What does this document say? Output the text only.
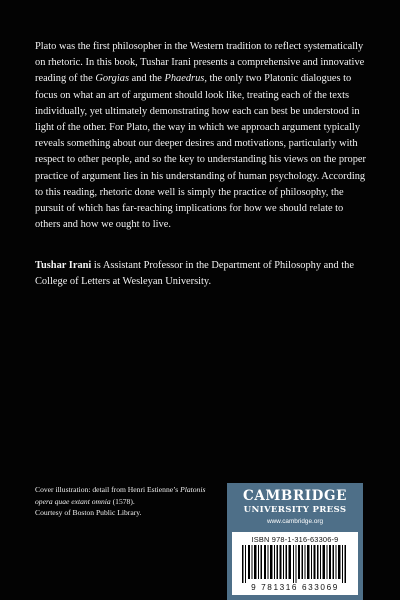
Plato was the first philosopher in the Western tradition to reflect systematically on rhetoric. In this book, Tushar Irani presents a comprehensive and innovative reading of the Gorgias and the Phaedrus, the only two Platonic dialogues to focus on what an art of argument should look like, treating each of the texts individually, yet ultimately demonstrating how each can best be understood in light of the other. For Plato, the way in which we approach argument typically reveals something about our deeper desires and motivations, particularly with respect to other people, and so the key to understanding his views on the proper practice of argument lies in his understanding of human psychology. According to this reading, rhetoric done well is simply the practice of philosophy, the pursuit of which has far-reaching implications for how we should relate to others and how we ought to live.
Tushar Irani is Assistant Professor in the Department of Philosophy and the College of Letters at Wesleyan University.
Cover illustration: detail from Henri Estienne’s Platonis opera quae extant omnia (1578).
Courtesy of Boston Public Library.
CAMBRIDGE
UNIVERSITY PRESS
www.cambridge.org
ISBN 978-1-316-63306-9
9 781316 633069
